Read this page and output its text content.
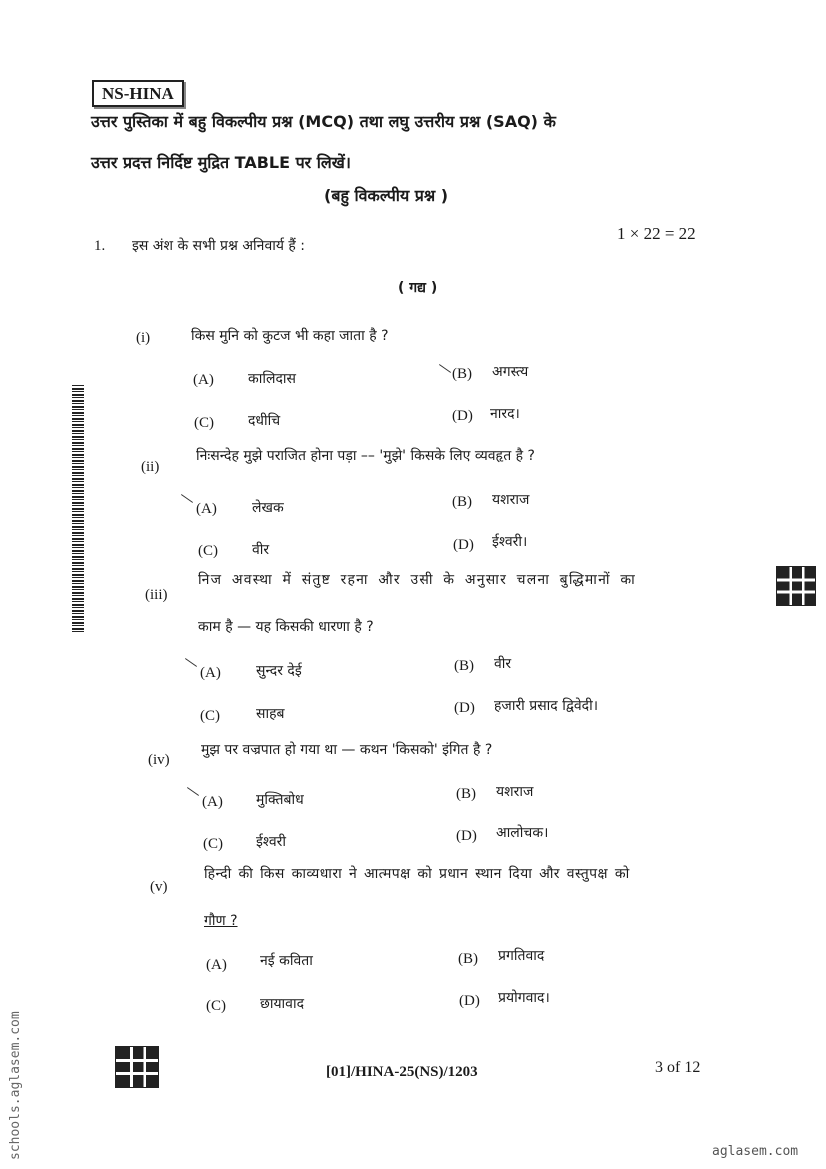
NS-HINA
उत्तर पुस्तिका में बहु विकल्पीय प्रश्न (MCQ) तथा लघु उत्तरीय प्रश्न (SAQ) के
उत्तर प्रदत्त निर्दिष्ट मुद्रित TABLE पर लिखें।
(बहु विकल्पीय प्रश्न )
1. इस अंश के सभी प्रश्न अनिवार्य हैं :
1 × 22 = 22
( गद्य )
(i)	किस मुनि को कुटज भी कहा जाता है ?
(A) कालिदास	(B) अगस्त्य
(C) दधीचि	(D) नारद।
(ii)
निःसन्देह मुझे पराजित होना पड़ा –– 'मुझे' किसके लिए व्यवहृत है ?
(A)	लेखक	(B) यशराज
(C) वीर	(D) ईश्वरी।
(iii)
निज अवस्था में संतुष्ट रहना और उसी के अनुसार चलना बुद्धिमानों का
काम है — यह किसकी धारणा है ?
(A)	सुन्दर देई	(B) वीर
(C)	साहब	(D) हजारी प्रसाद द्विवेदी।
(iv)
मुझ पर वज्रपात हो गया था — कथन 'किसको' इंगित है ?
(A) मुक्तिबोध	(B) यशराज
(C) ईश्वरी	(D) आलोचक।
(v)
हिन्दी की किस काव्यधारा ने आत्मपक्ष को प्रधान स्थान दिया और वस्तुपक्ष को
गौण ?
(A) नई कविता	(B) प्रगतिवाद
(C) छायावाद	(D) प्रयोगवाद।
[01]/HINA-25(NS)/1203	3 of 12
schools.aglasem.com	aglasem.com
